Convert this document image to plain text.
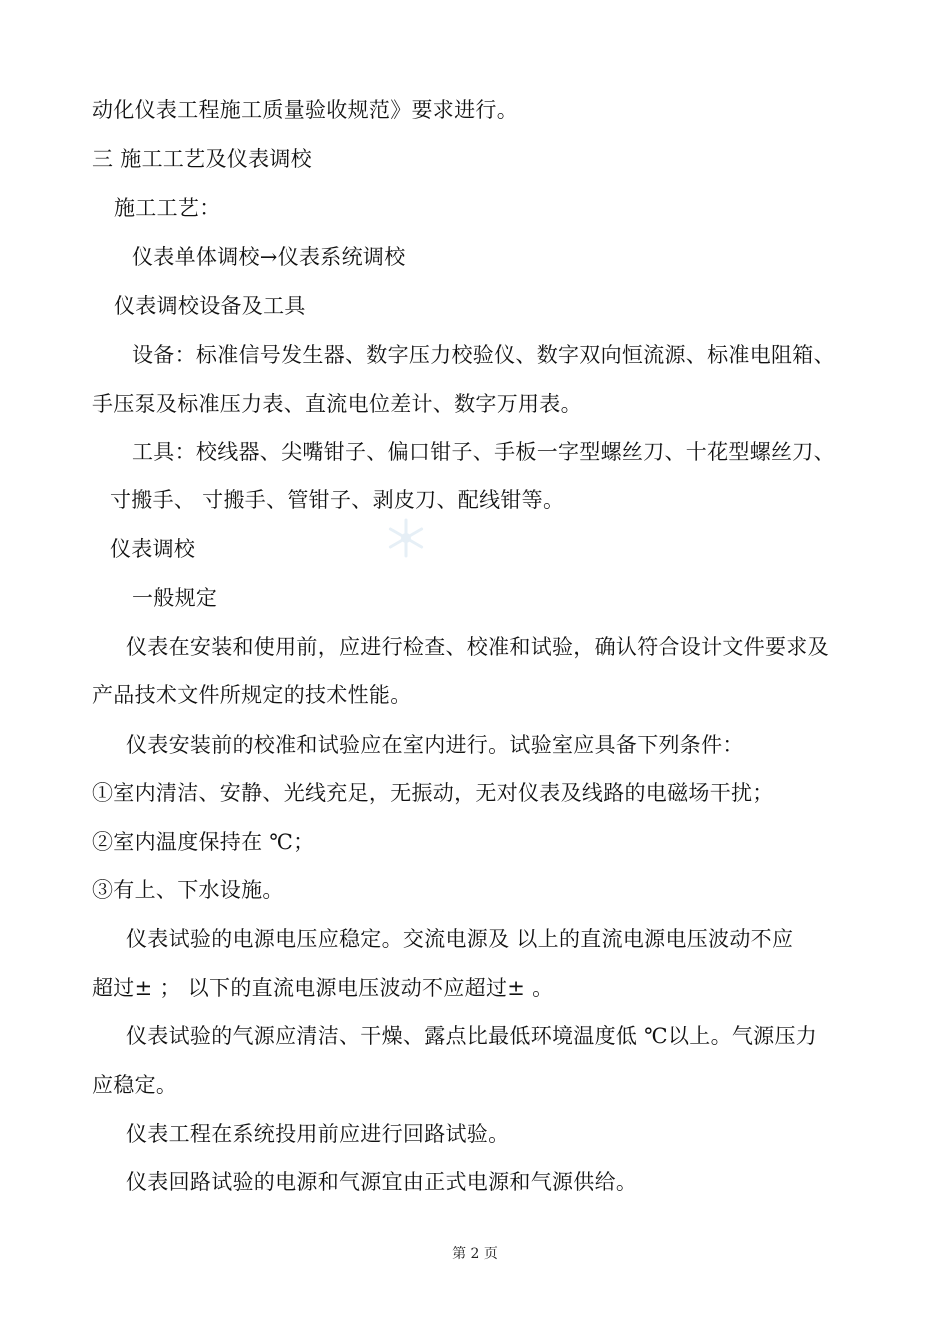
动化仪表工程施工质量验收规范》要求进行。
三 施工工艺及仪表调校
施工工艺：
仪表单体调校→仪表系统调校
仪表调校设备及工具
设备：标准信号发生器、数字压力校验仪、数字双向恒流源、标准电阻箱、
手压泵及标准压力表、直流电位差计、数字万用表。
工具：校线器、尖嘴钳子、偏口钳子、手板一字型螺丝刀、十花型螺丝刀、
寸搬手、 寸搬手、管钳子、剥皮刀、配线钳等。
仪表调校
一般规定
仪表在安装和使用前，应进行检查、校准和试验，确认符合设计文件要求及
产品技术文件所规定的技术性能。
仪表安装前的校准和试验应在室内进行。试验室应具备下列条件：
①室内清洁、安静、光线充足，无振动，无对仪表及线路的电磁场干扰；
②室内温度保持在 ℃；
③有上、下水设施。
仪表试验的电源电压应稳定。交流电源及 以上的直流电源电压波动不应
超过± ； 以下的直流电源电压波动不应超过± 。
仪表试验的气源应清洁、干燥、露点比最低环境温度低 ℃以上。气源压力
应稳定。
仪表工程在系统投用前应进行回路试验。
仪表回路试验的电源和气源宜由正式电源和气源供给。
第 2 页
